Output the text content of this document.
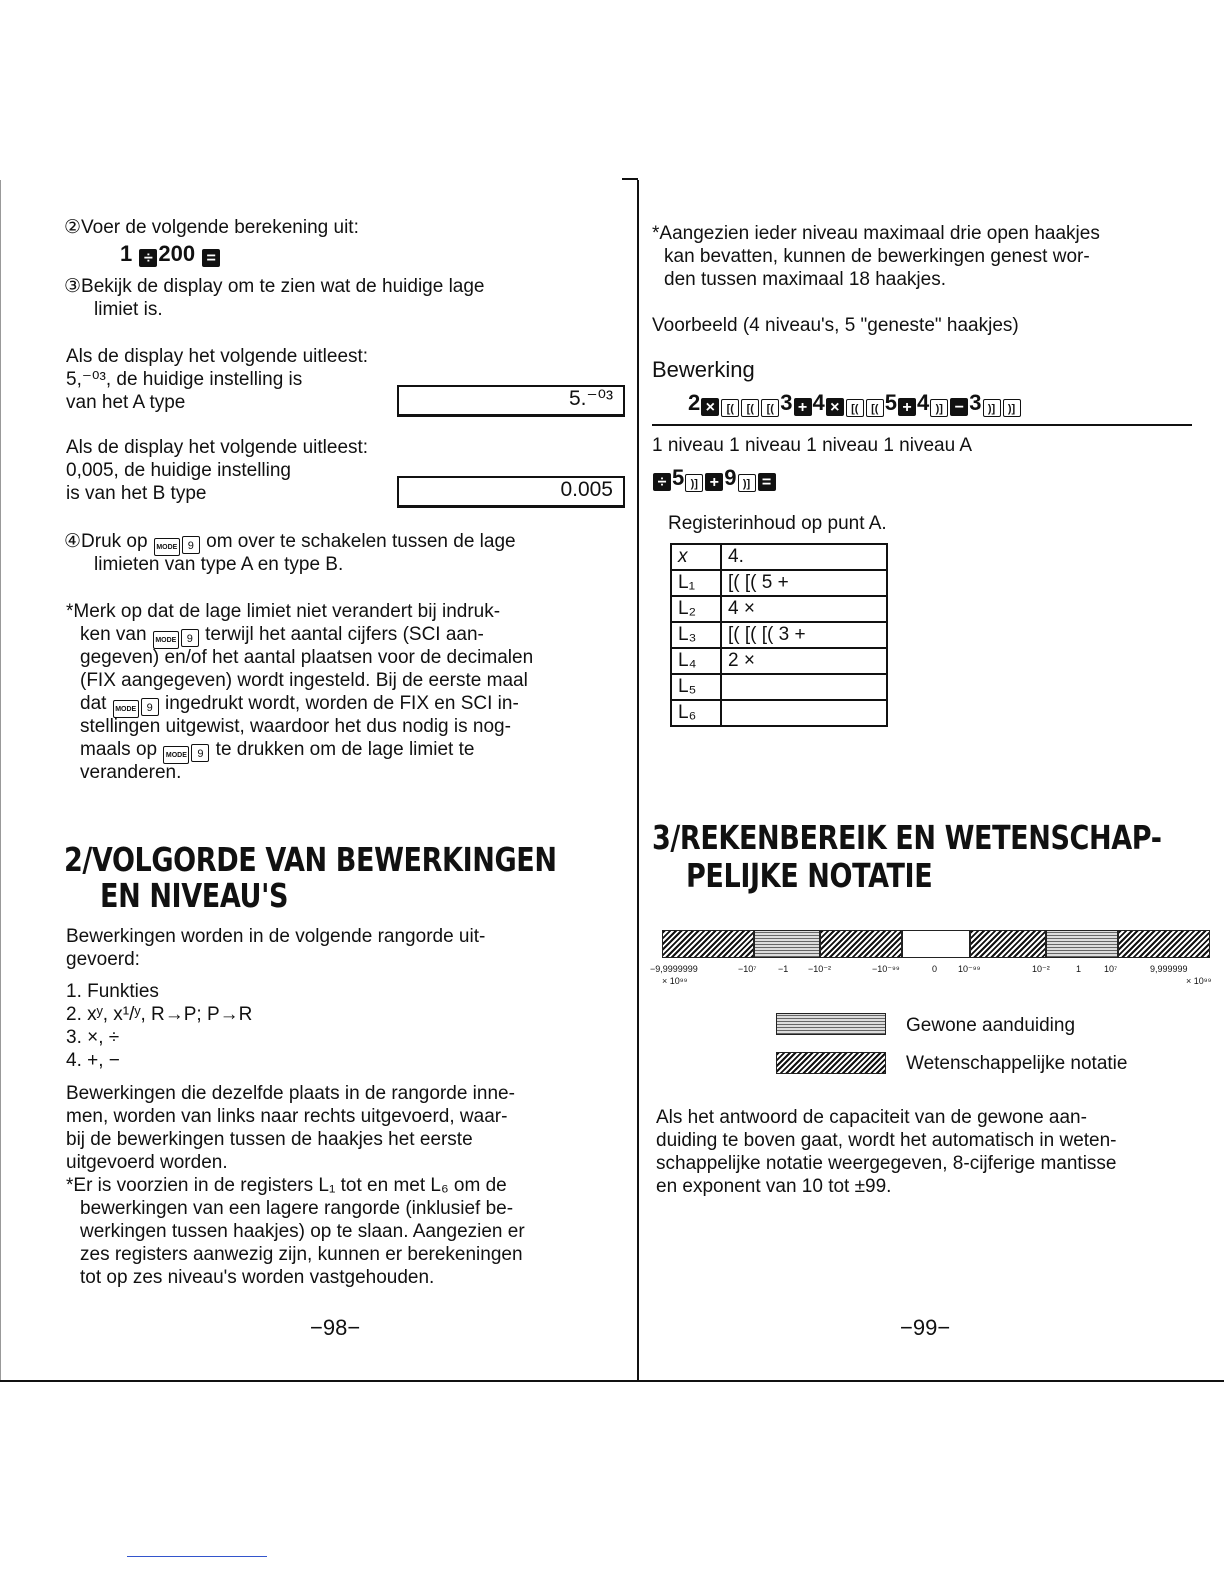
②Voer de volgende berekening uit:
1 ÷ 200 =
③Bekijk de display om te zien wat de huidige lage
limiet is.
Als de display het volgende uitleest:
5,⁻⁰³, de huidige instelling is
van het A type	5.⁻⁰³
Als de display het volgende uitleest:
0,005, de huidige instelling
is van het B type	0.005
④Druk op MODE 9 om over te schakelen tussen de lage
limieten van type A en type B.
*Merk op dat de lage limiet niet verandert bij indruk-
ken van MODE 9 terwijl het aantal cijfers (SCI aan-
gegeven) en/of het aantal plaatsen voor de decimalen
(FIX aangegeven) wordt ingesteld. Bij de eerste maal
dat MODE 9 ingedrukt wordt, worden de FIX en SCI in-
stellingen uitgewist, waardoor het dus nodig is nog-
maals op MODE 9 te drukken om de lage limiet te
veranderen.
2/VOLGORDE VAN BEWERKINGEN
EN NIVEAU'S
Bewerkingen worden in de volgende rangorde uit-
gevoerd:
1. Funkties
2. xʸ, x¹/ʸ, R→P; P→R
3. ×, ÷
4. +, −
Bewerkingen die dezelfde plaats in de rangorde inne-
men, worden van links naar rechts uitgevoerd, waar-
bij de bewerkingen tussen de haakjes het eerste
uitgevoerd worden.
*Er is voorzien in de registers L₁ tot en met L₆ om de
bewerkingen van een lagere rangorde (inklusief be-
werkingen tussen haakjes) op te slaan. Aangezien er
zes registers aanwezig zijn, kunnen er berekeningen
tot op zes niveau's worden vastgehouden.
−98−
*Aangezien ieder niveau maximaal drie open haakjes
kan bevatten, kunnen de bewerkingen genest wor-
den tussen maximaal 18 haakjes.
Voorbeeld (4 niveau's, 5 "geneste" haakjes)
Bewerking
2 × [( [( [( 3 + 4 × [( [( 5 + 4 )] − 3 )] )]
1 niveau 1 niveau 1 niveau 1 niveau A
÷ 5 )] + 9 )] =
Registerinhoud op punt A.
x	4.
L₁	[( [( 5 +
L₂	4 ×
L₃	[( [( [( 3 +
L₄	2 ×
L₅	
L₆	
3/REKENBEREIK EN WETENSCHAP-
PELIJKE NOTATIE
−9,9999999
× 10⁹⁹
−10⁷ −1 −10⁻²	−10⁻⁹⁹	0 10⁻⁹⁹	10⁻²	1	10⁷	9,999999
× 10⁹⁹
Gewone aanduiding
Wetenschappelijke notatie
Als het antwoord de capaciteit van de gewone aan-
duiding te boven gaat, wordt het automatisch in weten-
schappelijke notatie weergegeven, 8-cijferige mantisse
en exponent van 10 tot ±99.
−99−
